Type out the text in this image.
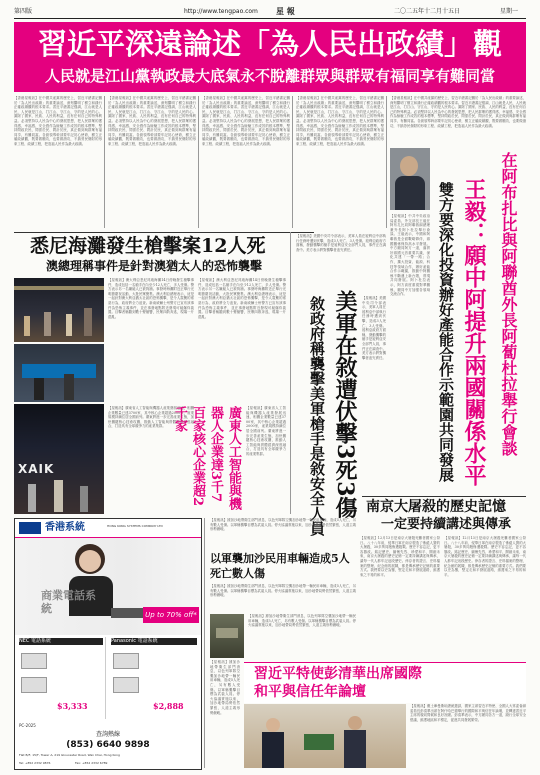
第四版	http://www.tengpao.com 星 報	二〇二五年十二月十五日	星期一
習近平深遠論述「為人民出政績」觀
人民就是江山黨執政最大底氣永不脫離群眾與群眾有福同享有難同當
【香港星報訊】在中國共產黨的歷史上，習近平總書記關於「為人民出政績」的重要論述，深刻闡明了樹立和踐行正確政績觀的根本要求。習近平總書記強調，江山就是人民，人民就是江山，打江山、守江山，守的是人民的心。黨除了國家、民族、人民的利益，沒有任何自己的特殊利益。必須堅持以人民為中心的發展思想，把人民群眾的獲得感、幸福感、安全感作為檢驗工作成效的根本標準，堅持問政於民、問需於民、問計於民，真正做到與群眾有福同享、有難同當。各級領導幹部要牢記初心使命，樹立正確政績觀，既要做顯功，也要做潛功，不搞勞民傷財的形象工程、政績工程，把造福人民作為最大政績。
【香港星報訊】在中國共產黨的歷史上，習近平總書記關於「為人民出政績」的重要論述，深刻闡明了樹立和踐行正確政績觀的根本要求。習近平總書記強調，江山就是人民，人民就是江山，打江山、守江山，守的是人民的心。黨除了國家、民族、人民的利益，沒有任何自己的特殊利益。必須堅持以人民為中心的發展思想，把人民群眾的獲得感、幸福感、安全感作為檢驗工作成效的根本標準，堅持問政於民、問需於民、問計於民，真正做到與群眾有福同享、有難同當。各級領導幹部要牢記初心使命，樹立正確政績觀，既要做顯功，也要做潛功，不搞勞民傷財的形象工程、政績工程，把造福人民作為最大政績。
【香港星報訊】在中國共產黨的歷史上，習近平總書記關於「為人民出政績」的重要論述，深刻闡明了樹立和踐行正確政績觀的根本要求。習近平總書記強調，江山就是人民，人民就是江山，打江山、守江山，守的是人民的心。黨除了國家、民族、人民的利益，沒有任何自己的特殊利益。必須堅持以人民為中心的發展思想，把人民群眾的獲得感、幸福感、安全感作為檢驗工作成效的根本標準，堅持問政於民、問需於民、問計於民，真正做到與群眾有福同享、有難同當。各級領導幹部要牢記初心使命，樹立正確政績觀，既要做顯功，也要做潛功，不搞勞民傷財的形象工程、政績工程，把造福人民作為最大政績。
【香港星報訊】在中國共產黨的歷史上，習近平總書記關於「為人民出政績」的重要論述，深刻闡明了樹立和踐行正確政績觀的根本要求。習近平總書記強調，江山就是人民，人民就是江山，打江山、守江山，守的是人民的心。黨除了國家、民族、人民的利益，沒有任何自己的特殊利益。必須堅持以人民為中心的發展思想，把人民群眾的獲得感、幸福感、安全感作為檢驗工作成效的根本標準，堅持問政於民、問需於民、問計於民，真正做到與群眾有福同享、有難同當。各級領導幹部要牢記初心使命，樹立正確政績觀，既要做顯功，也要做潛功，不搞勞民傷財的形象工程、政績工程，把造福人民作為最大政績。
【香港星報訊】在中國共產黨的歷史上，習近平總書記關於「為人民出政績」的重要論述，深刻闡明了樹立和踐行正確政績觀的根本要求。習近平總書記強調，江山就是人民，人民就是江山，打江山、守江山，守的是人民的心。黨除了國家、民族、人民的利益，沒有任何自己的特殊利益。必須堅持以人民為中心的發展思想，把人民群眾的獲得感、幸福感、安全感作為檢驗工作成效的根本標準，堅持問政於民、問需於民、問計於民，真正做到與群眾有福同享、有難同當。各級領導幹部要牢記初心使命，樹立正確政績觀，既要做顯功，也要做潛功，不搞勞民傷財的形象工程、政績工程，把造福人民作為最大政績。
【星報訊】中共中央政治局委員、外交部長王毅在阿布扎比同阿聯酋副總理兼外長阿卜杜拉舉行會談。王毅表示，中國和阿聯酋是全面戰略夥伴，兩國關係保持高水平發展。中方願同阿方一道，落實好兩國元首重要共識，深化共建「一帶一路」合作，擴大投資、能源、科技等領域合作，辦好產能合作示範園，推動中阿關係不斷邁上新台階，實現共同發展。阿卜杜拉表示，阿方高度重視對華關係，願同中方加強各領域交流合作。	雙方要深化投資辦好產能合作示範園共同發展 王毅：願中阿提升兩國關係水平 在阿布扎比與阿聯酋外長阿蔔杜拉舉行會談
悉尼海灘發生槍擊案12人死
澳總理稱事件是針對澳猶太人的恐怖襲擊
【星報訊】澳大利亞悉尼邦迪海灘14日傍晚發生槍擊事件，造成包括一名槍手在內至少12人死亡，多人受傷。警方表示另一名嫌疑人已被拘捕。事發時海灘附近正舉行光明節慶祝活動，大批民眾聚集。澳大利亞總理表示，這是一起針對澳大利亞猶太社區的恐怖襲擊，是令人震驚的邪惡行為，政府將全力追查。新南威爾士州警方已宣布該事件為恐怖主義事件，並在事發地點附近發現可疑爆炸裝置。目擊者稱聽到數十聲槍響，民眾四散奔逃，現場一片混亂。
【星報訊】澳大利亞悉尼邦迪海灘14日傍晚發生槍擊事件，造成包括一名槍手在內至少12人死亡，多人受傷。警方表示另一名嫌疑人已被拘捕。事發時海灘附近正舉行光明節慶祝活動，大批民眾聚集。澳大利亞總理表示，這是一起針對澳大利亞猶太社區的恐怖襲擊，是令人震驚的邪惡行為，政府將全力追查。新南威爾士州警方已宣布該事件為恐怖主義事件，並在事發地點附近發現可疑爆炸裝置。目擊者稱聽到數十聲槍響，民眾四散奔逃，現場一片混亂。
XAIK
【星報訊】廣東省人工智能與機器人產業發展迅速，相關企業數量已達3700家，其中核心企業超過2000家，產業規模持續位居全國前列。廣東將進一步完善產業生態，加快關鍵核心技術攻關，推動人工智能與實體經濟深度融合，打造具有全球競爭力的產業集群。	廣東人工智能與機器人企業達3千7百家核心企業超2千家	【星報訊】廣東省人工智能與機器人產業發展迅速，相關企業數量已達3700家，其中核心企業超過2000家，產業規模持續位居全國前列。廣東將進一步完善產業生態，加快關鍵核心技術攻關，推動人工智能與實體經濟深度融合，打造具有全球競爭力的產業集群。	美軍在敘遭伏擊3死3傷
敘政府稱襲擊美軍槍手是敘安全人員	【星報訊】美國中央司令部表示，美軍人員在敘利亞中部執行任務時遭到伏擊，造成3人死亡、3人受傷。敘利亞政府方面稱，發動襲擊的槍手是敘利亞安全部門人員，事件正在調查中。美方表示將對襲擊者追究責任。
【星報訊】美國中央司令部表示，美軍人員在敘利亞中部執行任務時遭到伏擊，造成3人死亡、3人受傷。敘利亞政府方面稱，發動襲擊的槍手是敘利亞安全部門人員，事件正在調查中。美方表示將對襲擊者追究責任。
香港系統	HONG KONG SYSTEMS COMPANY LTD
商業電話系統	Up to 70% off*
NEC 電話系統
$3,333
Panasonic 電話系統
$2,888
PC-2025
查詢熱線
(853) 6640 9898
Flat B/F, 15/F, Tower A, 219 Gloucester Road, Wan Chai, Hong Kong
Tel: +852 2332 9876	Fax: +852 2332 6789
以軍襲加沙民用車輛造成5人死亡數人傷
【星報訊】據加沙地帶衛生部門消息，以色列軍隊空襲加沙地帶一輛民用車輛，造成5人死亡，另有數人受傷。以軍稱襲擊目標為武裝人員。停火協議實施以來，加沙地帶局勢依然緊張，人道主義形勢嚴峻。
【星報訊】據加沙地帶衛生部門消息，以色列軍隊空襲加沙地帶一輛民用車輛，造成5人死亡，另有數人受傷。以軍稱襲擊目標為武裝人員。停火協議實施以來，加沙地帶局勢依然緊張，人道主義形勢嚴峻。
【星報訊】據加沙地帶衛生部門消息，以色列軍隊空襲加沙地帶一輛民用車輛，造成5人死亡，另有數人受傷。以軍稱襲擊目標為武裝人員。停火協議實施以來，加沙地帶局勢依然緊張，人道主義形勢嚴峻。
【星報訊】據加沙地帶衛生部門消息，以色列軍隊空襲加沙地帶一輛民用車輛，造成5人死亡，另有數人受傷。以軍稱襲擊目標為武裝人員。停火協議實施以來，加沙地帶局勢依然緊張，人道主義形勢嚴峻。
習近平特使彭清華出席國際和平與信任年論壇
【星報訊】應土庫曼斯坦總統邀請，國家主席習近平特使、全國人大常委會副委員長彭清華出席在阿什哈巴德舉行的國際和平與信任年論壇，並轉達習近平主席的親切問候和良好祝願。彭清華表示，中方願同各方一道，踐行全球安全倡議，維護地區和平穩定，促進共同發展繁榮。
南京大屠殺的歷史記憶
一定要持續講述與傳承
【星報訊】12月13日是南京大屠殺死難者國家公祭日。八十八年前，侵華日軍在南京製造了慘絕人寰的大屠殺，30多萬同胞慘遭殺戮。歷史不容忘記，更不容篡改。銘記歷史、緬懷先烈、珍愛和平、開創未來，南京大屠殺的歷史記憶一定要持續講述與傳承，讓每一代人都牢記這段歷史。倖存者的證言、史料檔案的整理、紀念館的展陳，都是傳承歷史記憶的重要方式。我們要以史為鑒，堅定走和平發展道路，維護來之不易的和平。
【星報訊】12月13日是南京大屠殺死難者國家公祭日。八十八年前，侵華日軍在南京製造了慘絕人寰的大屠殺，30多萬同胞慘遭殺戮。歷史不容忘記，更不容篡改。銘記歷史、緬懷先烈、珍愛和平、開創未來，南京大屠殺的歷史記憶一定要持續講述與傳承，讓每一代人都牢記這段歷史。倖存者的證言、史料檔案的整理、紀念館的展陳，都是傳承歷史記憶的重要方式。我們要以史為鑒，堅定走和平發展道路，維護來之不易的和平。
